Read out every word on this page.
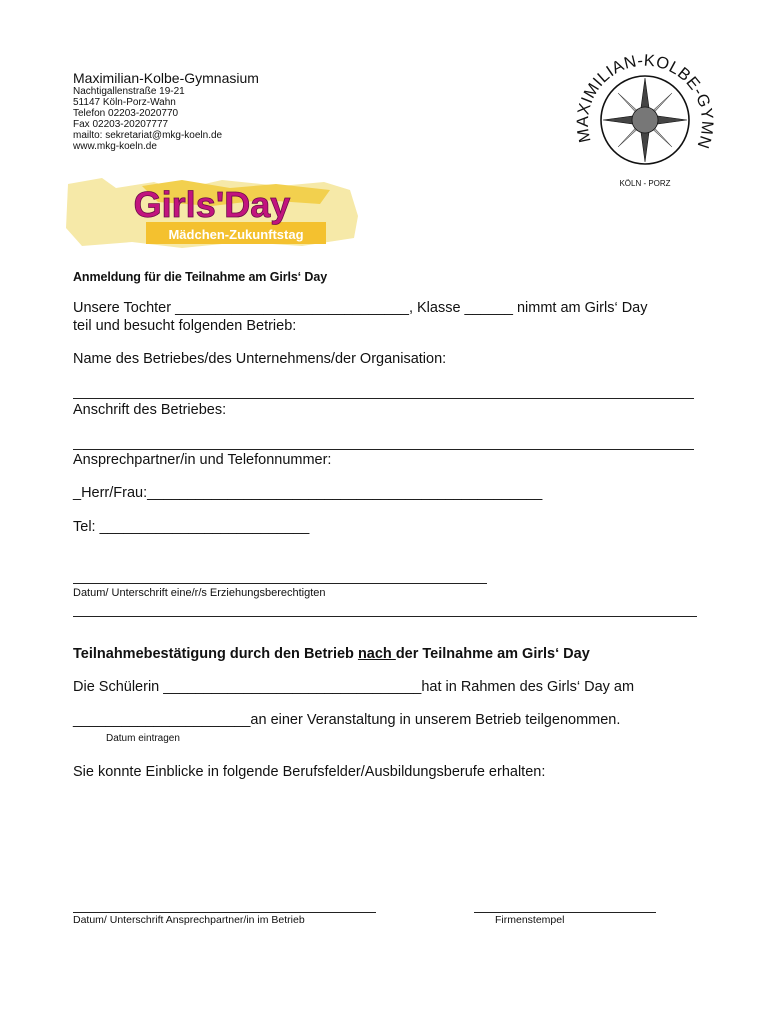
Maximilian-Kolbe-Gymnasium
Nachtigallenstraße 19-21
51147 Köln-Porz-Wahn
Telefon 02203-2020770
Fax 02203-20207777
mailto: sekretariat@mkg-koeln.de
www.mkg-koeln.de
MAXIMILIAN-KOLBE-GYMN
KÖLN - PORZ
Girls'Day
Mädchen-Zukunftstag
Anmeldung für die Teilnahme am Girls‘ Day
Unsere Tochter _____________________________, Klasse ______ nimmt am Girls‘ Day
teil und besucht folgenden Betrieb:
Name des Betriebes/des Unternehmens/der Organisation:
Anschrift des Betriebes:
Ansprechpartner/in und Telefonnummer:
_Herr/Frau:_________________________________________________
Tel: __________________________
Datum/ Unterschrift eine/r/s Erziehungsberechtigten
Teilnahmebestätigung durch den Betrieb nach der Teilnahme am Girls‘ Day
Die Schülerin ________________________________hat in Rahmen des Girls‘ Day am
______________________an einer Veranstaltung in unserem Betrieb teilgenommen.
Datum eintragen
Sie konnte Einblicke in folgende Berufsfelder/Ausbildungsberufe erhalten:
Datum/ Unterschrift Ansprechpartner/in im Betrieb	Firmenstempel
